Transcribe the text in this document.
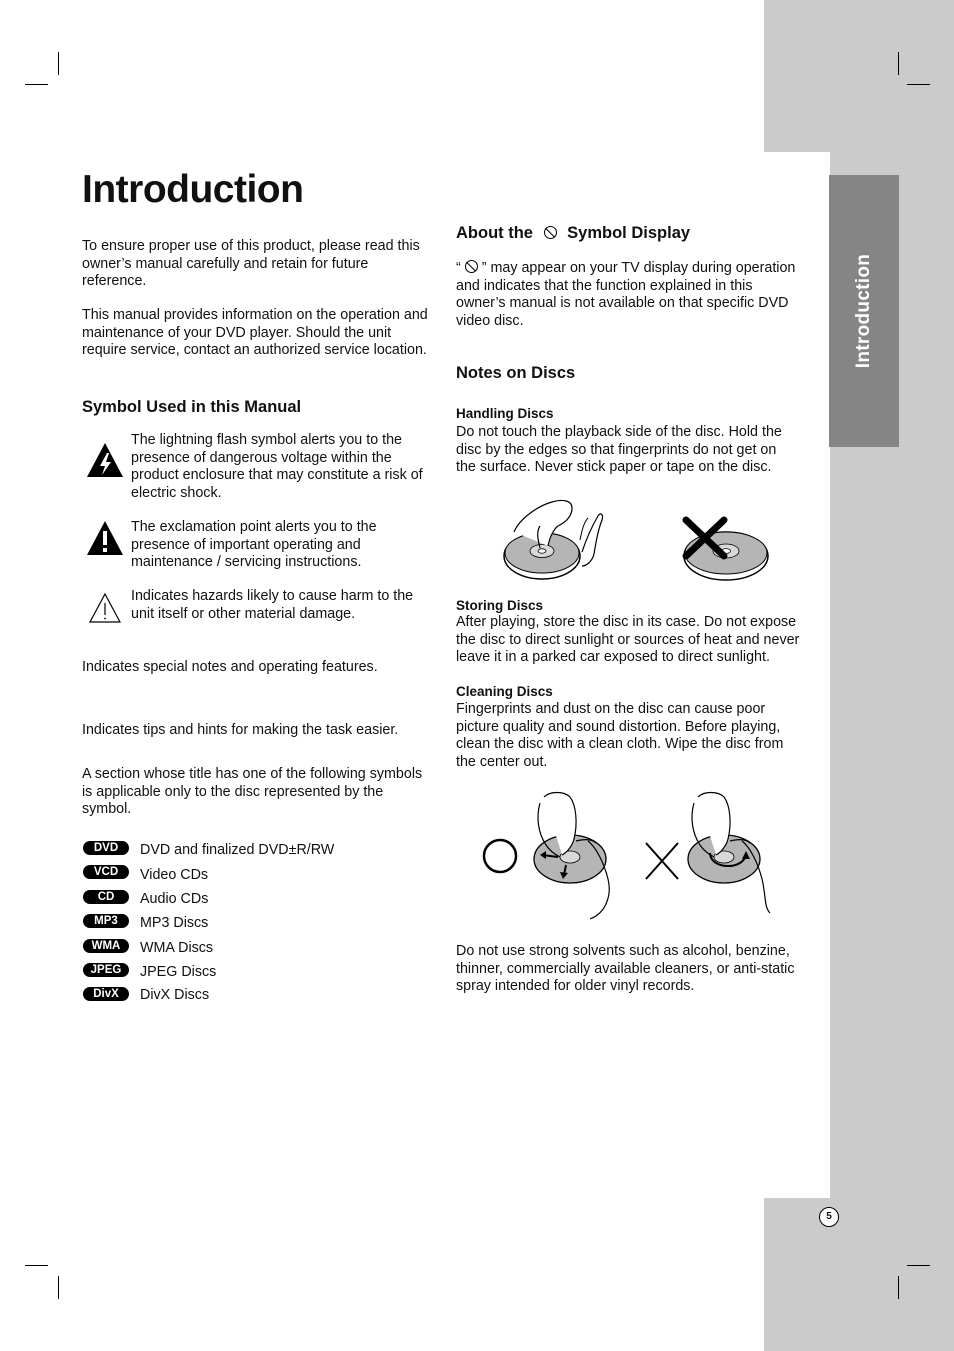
Introduction
5
Introduction

To ensure proper use of this product, please read this owner’s manual carefully and retain for future reference.

This manual provides information on the operation and maintenance of your DVD player. Should the unit require service, contact an authorized service location.

Symbol Used in this Manual

The lightning flash symbol alerts you to the presence of dangerous voltage within the product enclosure that may constitute a risk of electric shock.

The exclamation point alerts you to the presence of important operating and maintenance / servicing instructions.

Indicates hazards likely to cause harm to the unit itself or other material damage.

Indicates special notes and operating features.

Indicates tips and hints for making the task easier.

A section whose title has one of the following symbols is applicable only to the disc represented by the symbol.

DVD	DVD and finalized DVD±R/RW
VCD	Video CDs
CD	Audio CDs
MP3	MP3 Discs
WMA	WMA Discs
JPEG	JPEG Discs
DivX	DivX Discs
About the Symbol Display

“ ” may appear on your TV display during operation and indicates that the function explained in this owner’s manual is not available on that specific DVD video disc.

Notes on Discs
Handling Discs

Do not touch the playback side of the disc. Hold the disc by the edges so that fingerprints do not get on the surface. Never stick paper or tape on the disc.

Storing Discs

After playing, store the disc in its case. Do not expose the disc to direct sunlight or sources of heat and never leave it in a parked car exposed to direct sunlight.

Cleaning Discs

Fingerprints and dust on the disc can cause poor picture quality and sound distortion. Before playing, clean the disc with a clean cloth. Wipe the disc from the center out.

Do not use strong solvents such as alcohol, benzine, thinner, commercially available cleaners, or anti-static spray intended for older vinyl records.
